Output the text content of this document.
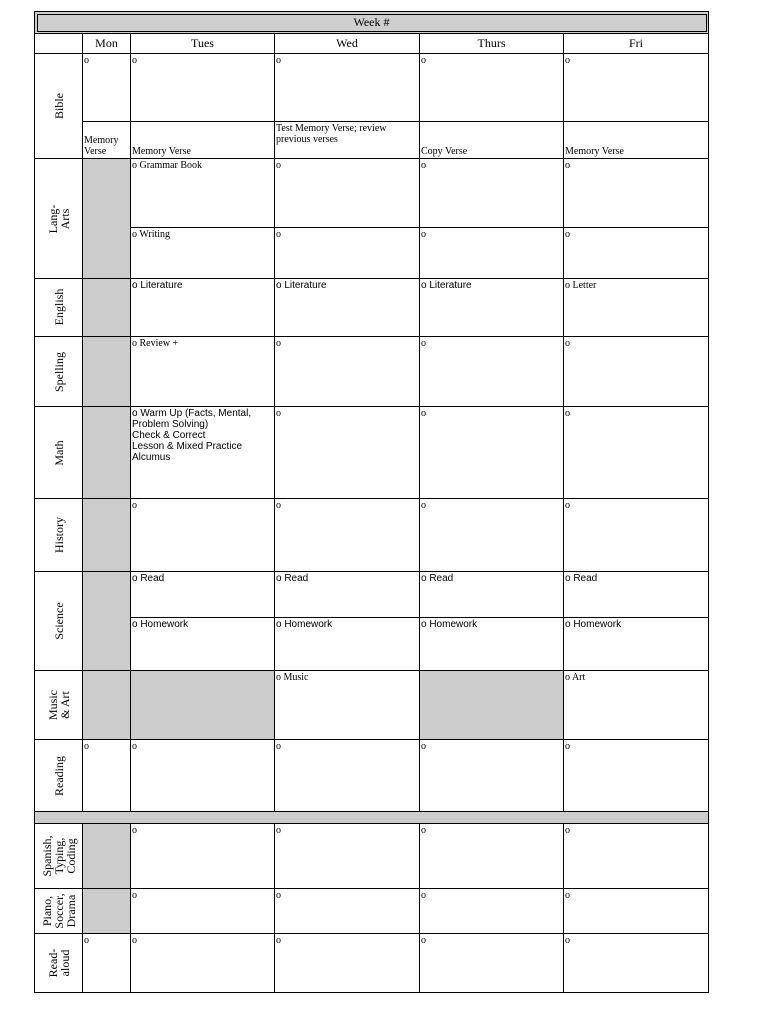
Week #					
	Mon	Tues	Wed	Thurs	Fri

Bible	o	o	o	o	o

	Memory Verse	Memory Verse	Test Memory Verse; review previous verses	Copy Verse	Memory Verse

Lang-
Arts		o Grammar Book	o	o	o

		o Writing	o	o	o

English		o Literature	o Literature	o Literature	o Letter

Spelling		o Review +	o	o	o

Math		o Warm Up (Facts, Mental, Problem Solving)
Check & Correct
Lesson & Mixed Practice
Alcumus	o	o	o

History		o	o	o	o

Science		o Read	o Read	o Read	o Read

		o Homework	o Homework	o Homework	o Homework

Music
& Art			o Music		o Art

Reading	o	o	o	o	o

Spanish,
Typing,
Coding		o	o	o	o

Piano,
Soccer,
Drama		o	o	o	o

Read-
aloud	o	o	o	o	o
